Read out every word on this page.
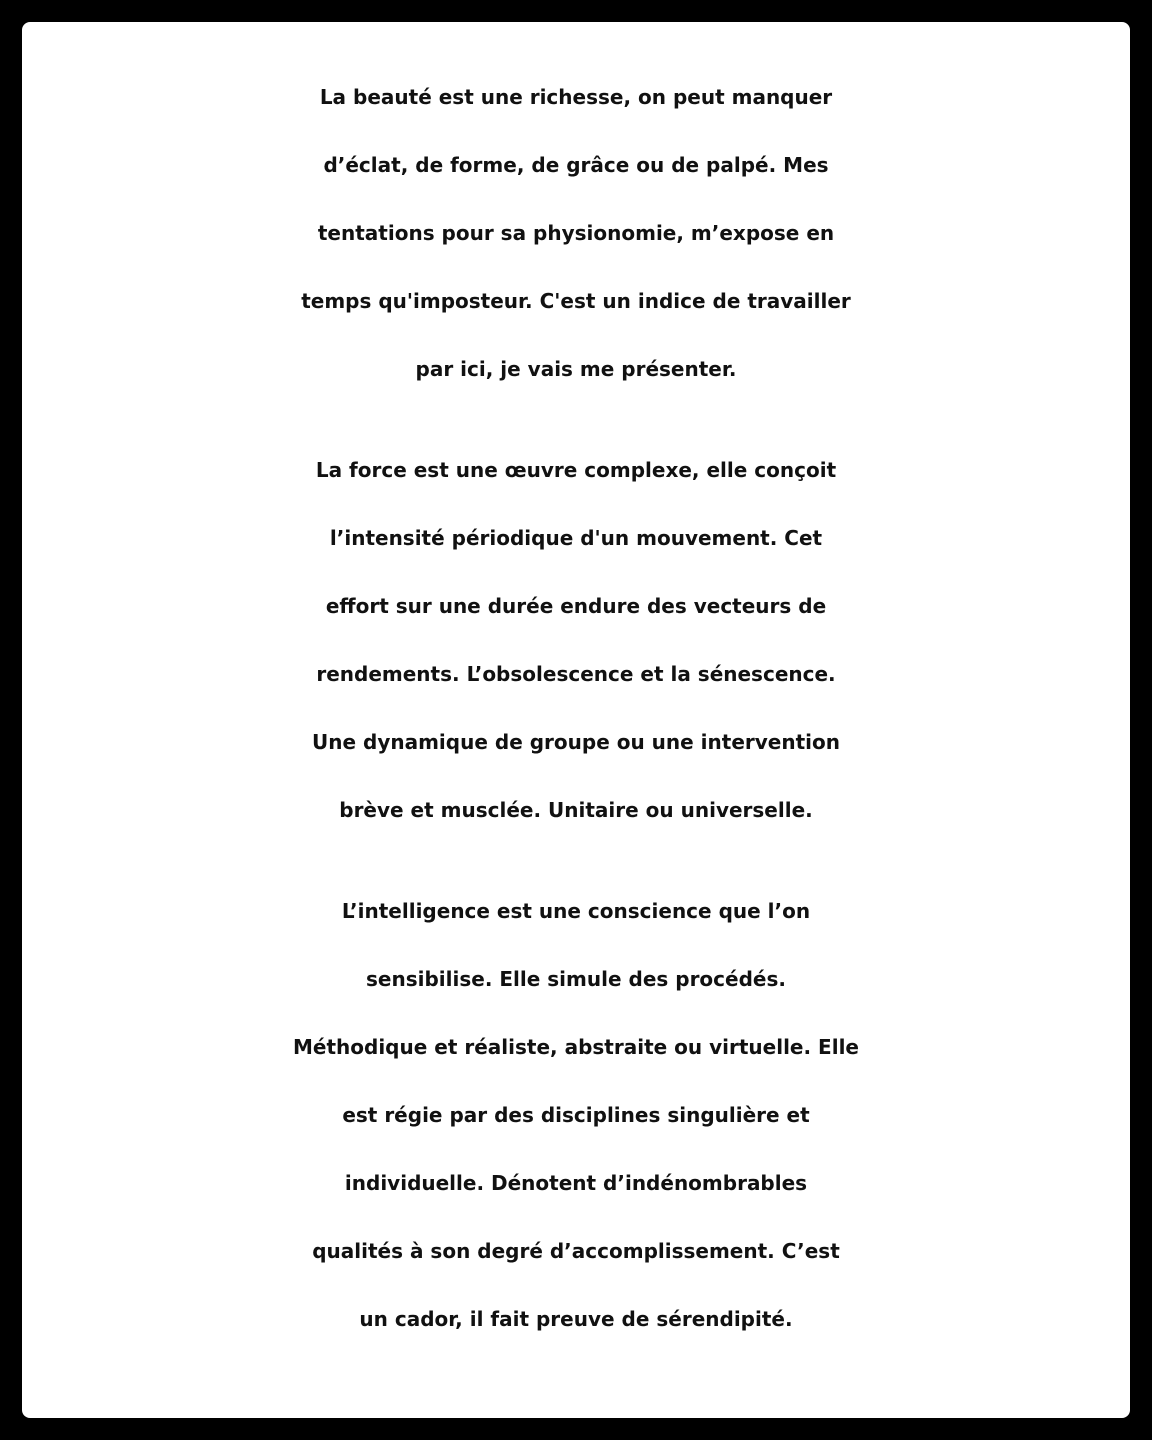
La beauté est une richesse, on peut manquer
d’éclat, de forme, de grâce ou de palpé. Mes
tentations pour sa physionomie, m’expose en
temps qu'imposteur. C'est un indice de travailler
par ici, je vais me présenter.
La force est une œuvre complexe, elle conçoit
l’intensité périodique d'un mouvement. Cet
effort sur une durée endure des vecteurs de
rendements. L’obsolescence et la sénescence.
Une dynamique de groupe ou une intervention
brève et musclée. Unitaire ou universelle.
L’intelligence est une conscience que l’on
sensibilise. Elle simule des procédés.
Méthodique et réaliste, abstraite ou virtuelle. Elle
est régie par des disciplines singulière et
individuelle. Dénotent d’indénombrables
qualités à son degré d’accomplissement. C’est
un cador, il fait preuve de sérendipité.
